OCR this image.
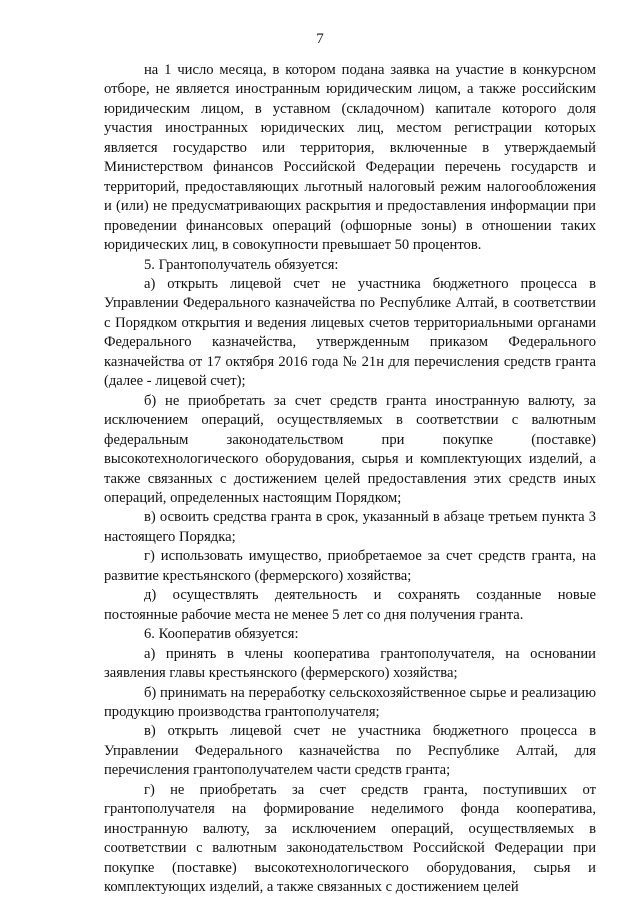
7

на 1 число месяца, в котором подана заявка на участие в конкурсном отборе, не является иностранным юридическим лицом, а также российским юридическим лицом, в уставном (складочном) капитале которого доля участия иностранных юридических лиц, местом регистрации которых является государство или территория, включенные в утверждаемый Министерством финансов Российской Федерации перечень государств и территорий, предоставляющих льготный налоговый режим налогообложения и (или) не предусматривающих раскрытия и предоставления информации при проведении финансовых операций (офшорные зоны) в отношении таких юридических лиц, в совокупности превышает 50 процентов.

5. Грантополучатель обязуется:

а) открыть лицевой счет не участника бюджетного процесса в Управлении Федерального казначейства по Республике Алтай, в соответствии с Порядком открытия и ведения лицевых счетов территориальными органами Федерального казначейства, утвержденным приказом Федерального казначейства от 17 октября 2016 года № 21н для перечисления средств гранта (далее - лицевой счет);

б) не приобретать за счет средств гранта иностранную валюту, за исключением операций, осуществляемых в соответствии с валютным федеральным законодательством при покупке (поставке) высокотехнологического оборудования, сырья и комплектующих изделий, а также связанных с достижением целей предоставления этих средств иных операций, определенных настоящим Порядком;

в) освоить средства гранта в срок, указанный в абзаце третьем пункта 3 настоящего Порядка;

г) использовать имущество, приобретаемое за счет средств гранта, на развитие крестьянского (фермерского) хозяйства;

д) осуществлять деятельность и сохранять созданные новые постоянные рабочие места не менее 5 лет со дня получения гранта.

6. Кооператив обязуется:

а) принять в члены кооператива грантополучателя, на основании заявления главы крестьянского (фермерского) хозяйства;

б) принимать на переработку сельскохозяйственное сырье и реализацию продукцию производства грантополучателя;

в) открыть лицевой счет не участника бюджетного процесса в Управлении Федерального казначейства по Республике Алтай, для перечисления грантополучателем части средств гранта;

г) не приобретать за счет средств гранта, поступивших от грантополучателя на формирование неделимого фонда кооператива, иностранную валюту, за исключением операций, осуществляемых в соответствии с валютным законодательством Российской Федерации при покупке (поставке) высокотехнологического оборудования, сырья и комплектующих изделий, а также связанных с достижением целей
